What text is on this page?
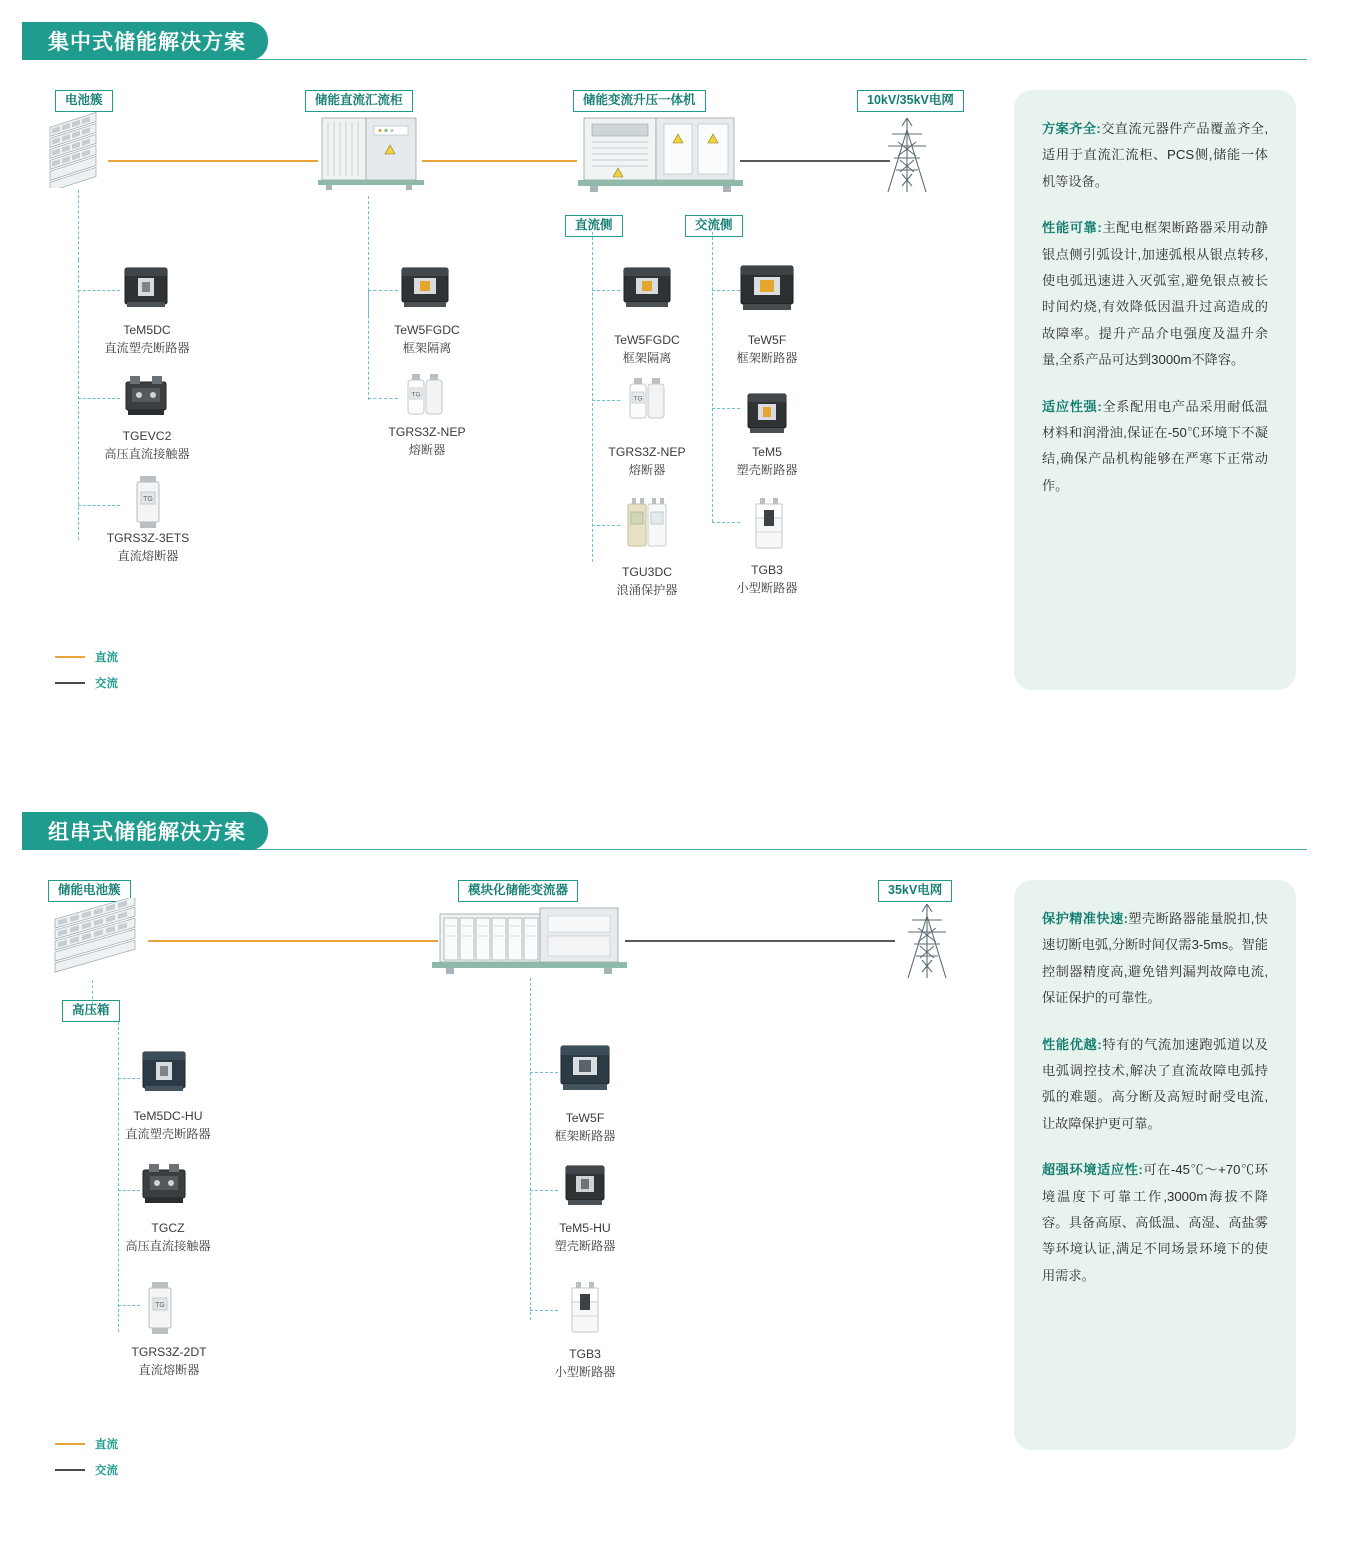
集中式储能解决方案
电池簇	储能直流汇流柜	储能变流升压一体机	10kV/35kV电网
直流侧	交流侧
TeM5DC
直流塑壳断路器
TGEVC2
高压直流接触器
TG
TGRS3Z-3ETS
直流熔断器
TeW5FGDC
框架隔离
TG
TGRS3Z-NEP
熔断器
TeW5FGDC
框架隔离
TG
TGRS3Z-NEP
熔断器
TGU3DC
浪涌保护器
TeW5F
框架断路器
TeM5
塑壳断路器
TGB3
小型断路器
直流
交流

方案齐全:交直流元器件产品覆盖齐全,适用于直流汇流柜、PCS侧,储能一体机等设备。

性能可靠:主配电框架断路器采用动静银点侧引弧设计,加速弧根从银点转移,使电弧迅速进入灭弧室,避免银点被长时间灼烧,有效降低因温升过高造成的故障率。提升产品介电强度及温升余量,全系产品可达到3000m不降容。

适应性强:全系配用电产品采用耐低温材料和润滑油,保证在-50℃环境下不凝结,确保产品机构能够在严寒下正常动作。

组串式储能解决方案
储能电池簇	模块化储能变流器	35kV电网
高压箱
TeM5DC-HU
直流塑壳断路器
TGCZ
高压直流接触器
TG
TGRS3Z-2DT
直流熔断器
TeW5F
框架断路器
TeM5-HU
塑壳断路器
TGB3
小型断路器
直流
交流

保护精准快速:塑壳断路器能量脱扣,快速切断电弧,分断时间仅需3-5ms。智能控制器精度高,避免错判漏判故障电流,保证保护的可靠性。

性能优越:特有的气流加速跑弧道以及电弧调控技术,解决了直流故障电弧持弧的难题。高分断及高短时耐受电流,让故障保护更可靠。

超强环境适应性:可在-45℃～+70℃环境温度下可靠工作,3000m海拔不降容。具备高原、高低温、高湿、高盐雾等环境认证,满足不同场景环境下的使用需求。
